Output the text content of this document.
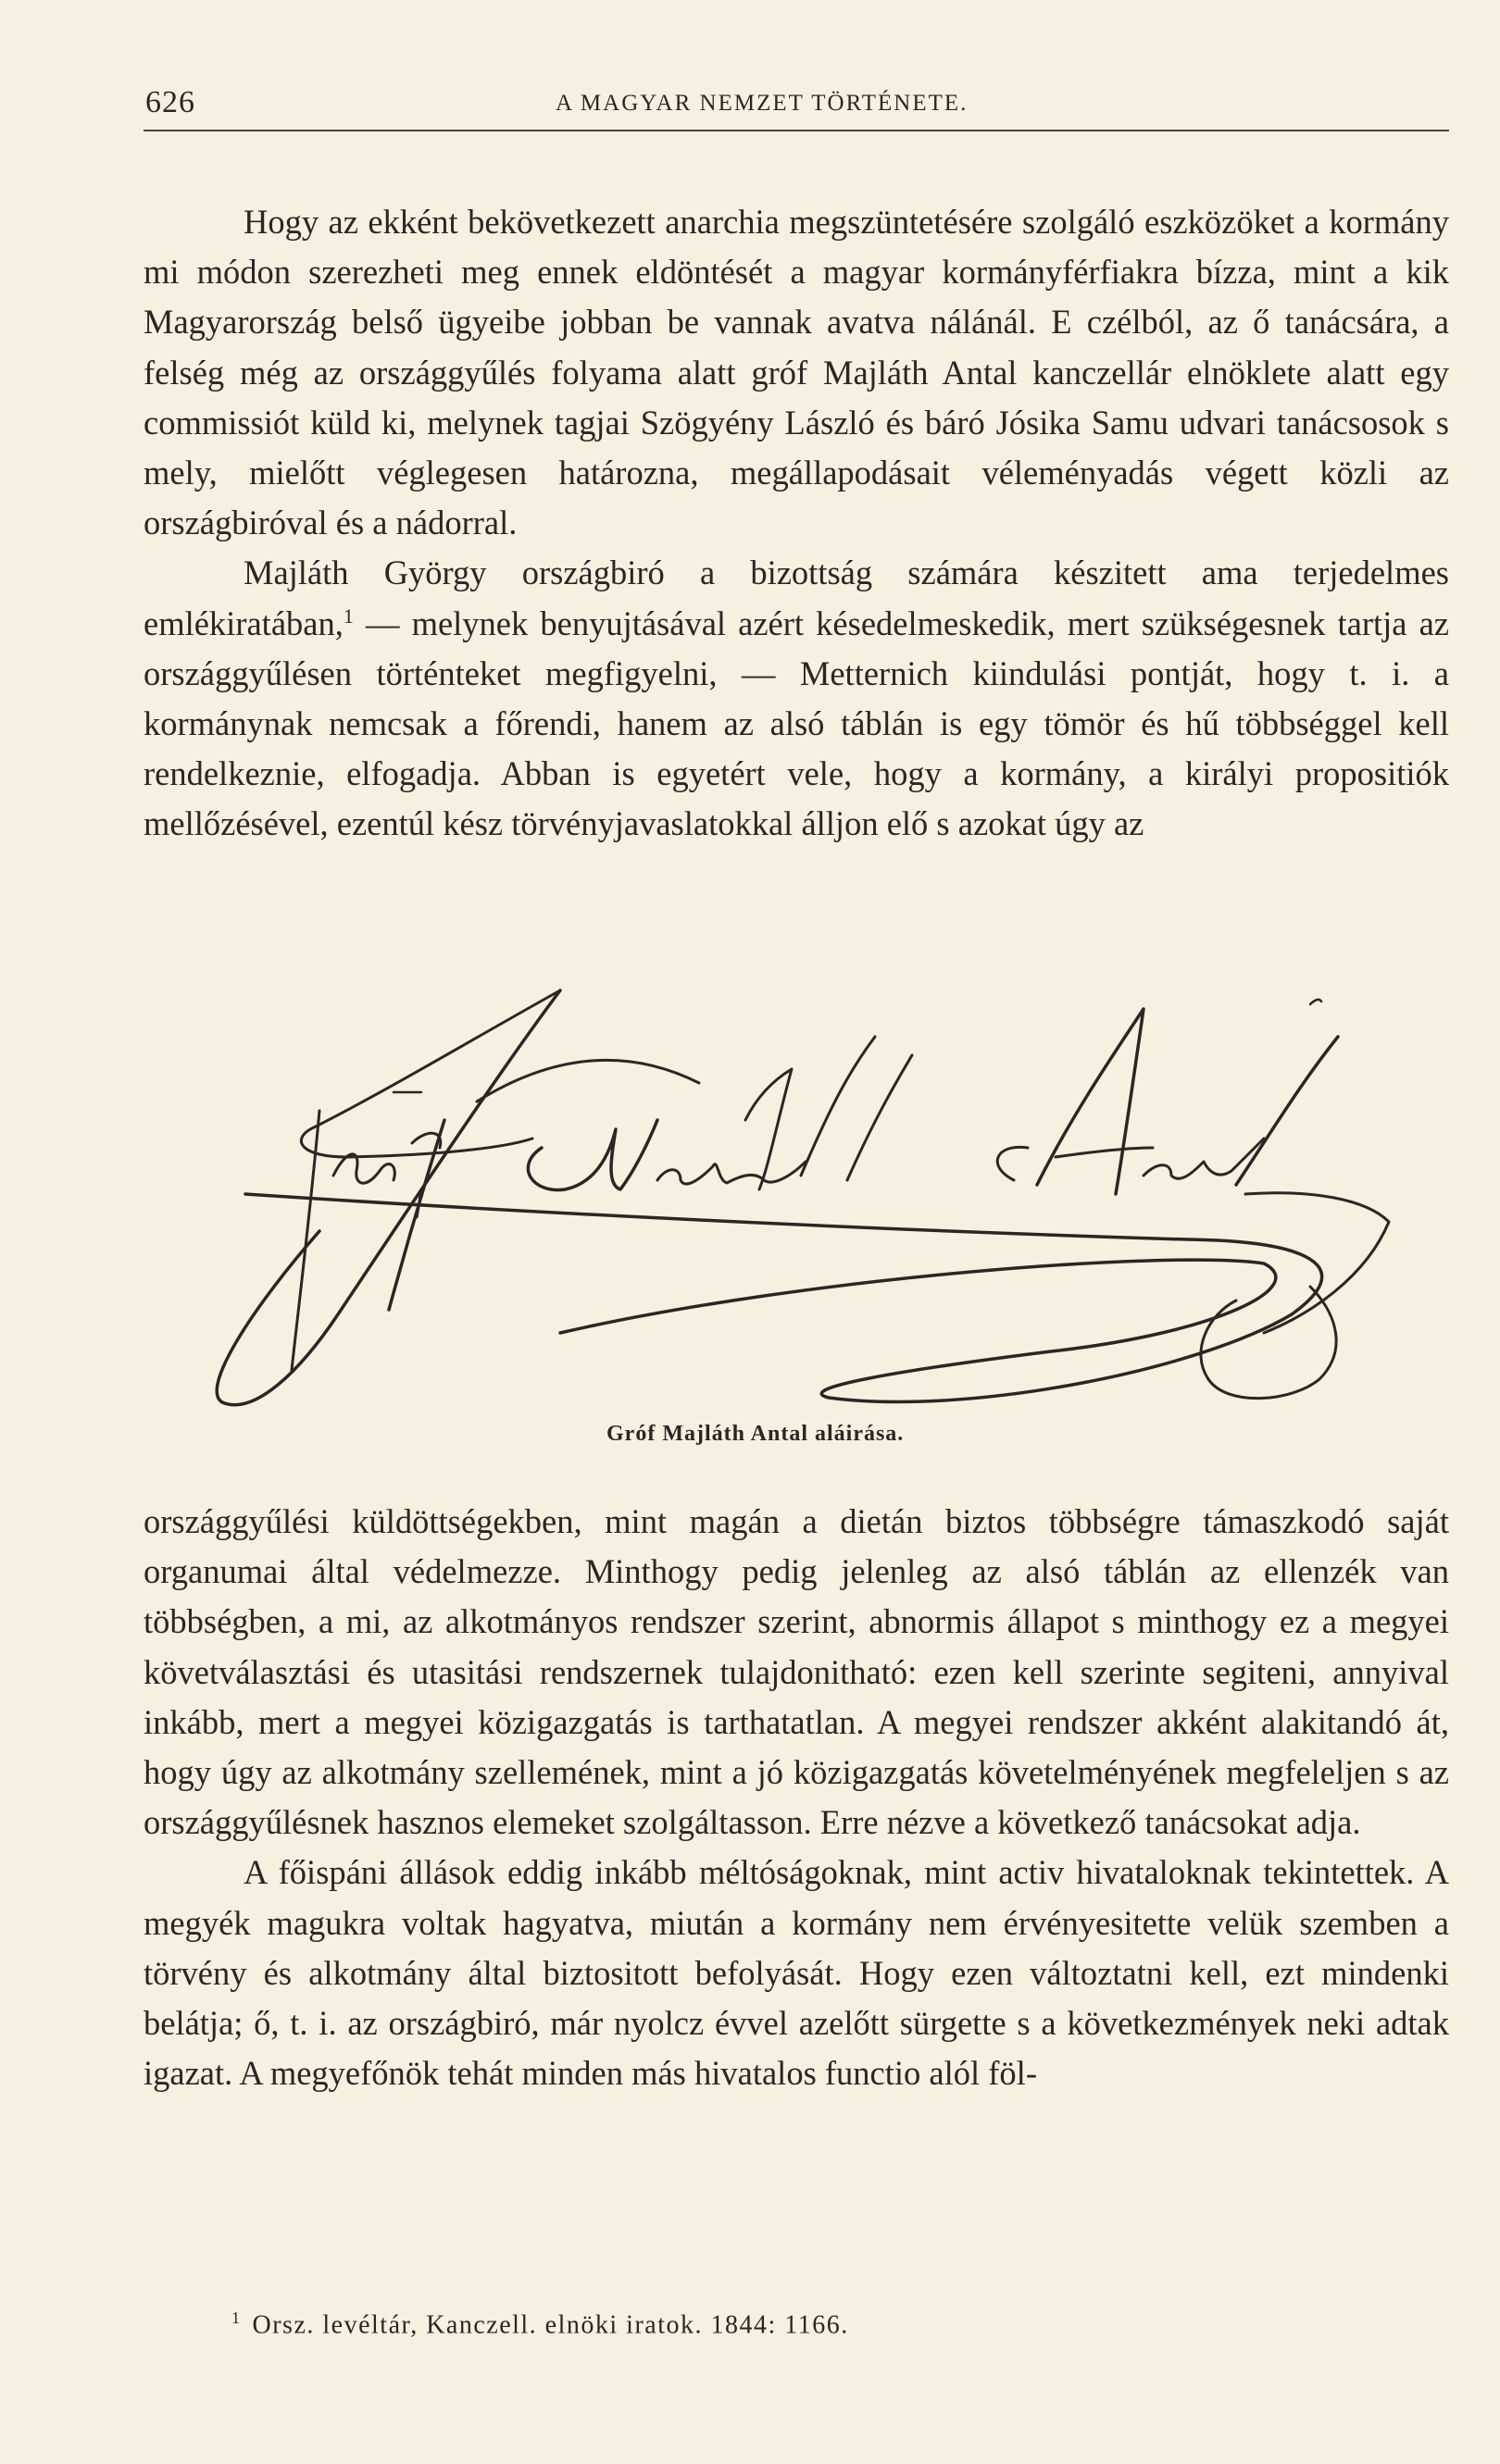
626	A MAGYAR NEMZET TÖRTÉNETE.

Hogy az ekként bekövetkezett anarchia megszüntetésére szolgáló eszközöket a kormány mi módon szerezheti meg ennek eldöntését a magyar kormányférfiakra bízza, mint a kik Magyarország belső ügyeibe jobban be vannak avatva nálánál. E czélból, az ő tanácsára, a felség még az országgyűlés folyama alatt gróf Majláth Antal kanczellár elnöklete alatt egy commissiót küld ki, melynek tagjai Szögyény László és báró Jósika Samu udvari tanácsosok s mely, mielőtt véglegesen határozna, megállapodásait véleményadás végett közli az országbiróval és a nádorral.

Majláth György országbiró a bizottság számára készitett ama terjedelmes emlékiratában,$^1$ — melynek benyujtásával azért késedelmeskedik, mert szükségesnek tartja az országgyűlésen történteket megfigyelni, — Metternich kiindulási pontját, hogy t. i. a kormánynak nemcsak a főrendi, hanem az alsó táblán is egy tömör és hű többséggel kell rendelkeznie, elfogadja. Abban is egyetért vele, hogy a kormány, a királyi propositiók mellőzésével, ezentúl kész törvényjavaslatokkal álljon elő s azokat úgy az

Gróf Majláth Antal aláirása.

országgyűlési küldöttségekben, mint magán a dietán biztos többségre támaszkodó saját organumai által védelmezze. Minthogy pedig jelenleg az alsó táblán az ellenzék van többségben, a mi, az alkotmányos rendszer szerint, abnormis állapot s minthogy ez a megyei követválasztási és utasitási rendszernek tulajdonitható: ezen kell szerinte segiteni, annyival inkább, mert a megyei közigazgatás is tarthatatlan. A megyei rendszer akként alakitandó át, hogy úgy az alkotmány szellemének, mint a jó közigazgatás követelményének megfeleljen s az országgyűlésnek hasznos elemeket szolgáltasson. Erre nézve a következő tanácsokat adja.

A főispáni állások eddig inkább méltóságoknak, mint activ hivataloknak tekintettek. A megyék magukra voltak hagyatva, miután a kormány nem érvényesitette velük szemben a törvény és alkotmány által biztositott befolyását. Hogy ezen változtatni kell, ezt mindenki belátja; ő, t. i. az országbiró, már nyolcz évvel azelőtt sürgette s a következmények neki adtak igazat. A megyefőnök tehát minden más hivatalos functio alól föl-

$^1$ Orsz. levéltár, Kanczell. elnöki iratok. 1844: 1166.
